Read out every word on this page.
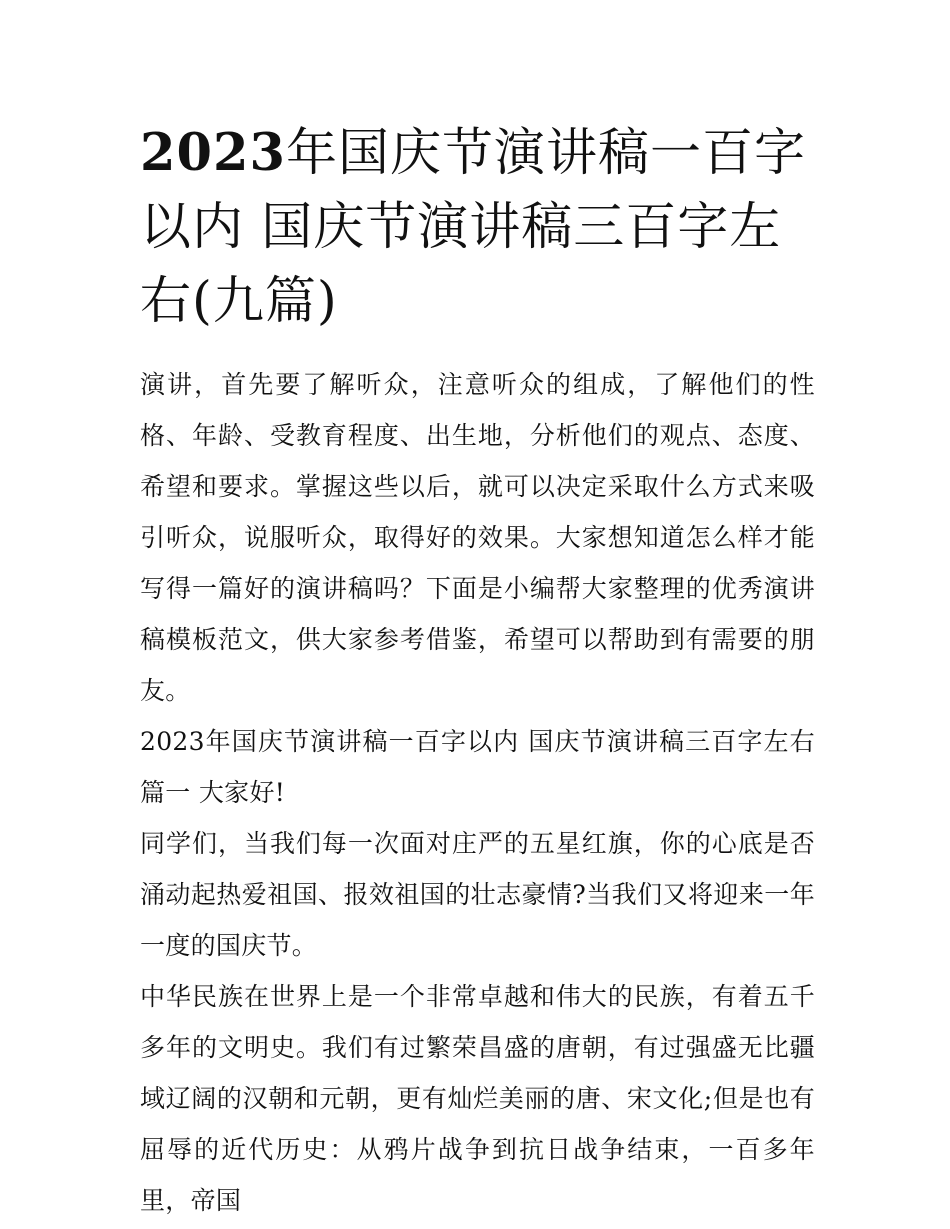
2023年国庆节演讲稿一百字以内 国庆节演讲稿三百字左右(九篇)

演讲，首先要了解听众，注意听众的组成，了解他们的性格、年龄、受教育程度、出生地，分析他们的观点、态度、希望和要求。掌握这些以后，就可以决定采取什么方式来吸引听众，说服听众，取得好的效果。大家想知道怎么样才能写得一篇好的演讲稿吗？下面是小编帮大家整理的优秀演讲稿模板范文，供大家参考借鉴，希望可以帮助到有需要的朋友。

2023年国庆节演讲稿一百字以内 国庆节演讲稿三百字左右篇一 大家好!

同学们，当我们每一次面对庄严的五星红旗，你的心底是否涌动起热爱祖国、报效祖国的壮志豪情?当我们又将迎来一年一度的国庆节。

中华民族在世界上是一个非常卓越和伟大的民族，有着五千多年的文明史。我们有过繁荣昌盛的唐朝，有过强盛无比疆域辽阔的汉朝和元朝，更有灿烂美丽的唐、宋文化;但是也有屈辱的近代历史：从鸦片战争到抗日战争结束，一百多年里，帝国
